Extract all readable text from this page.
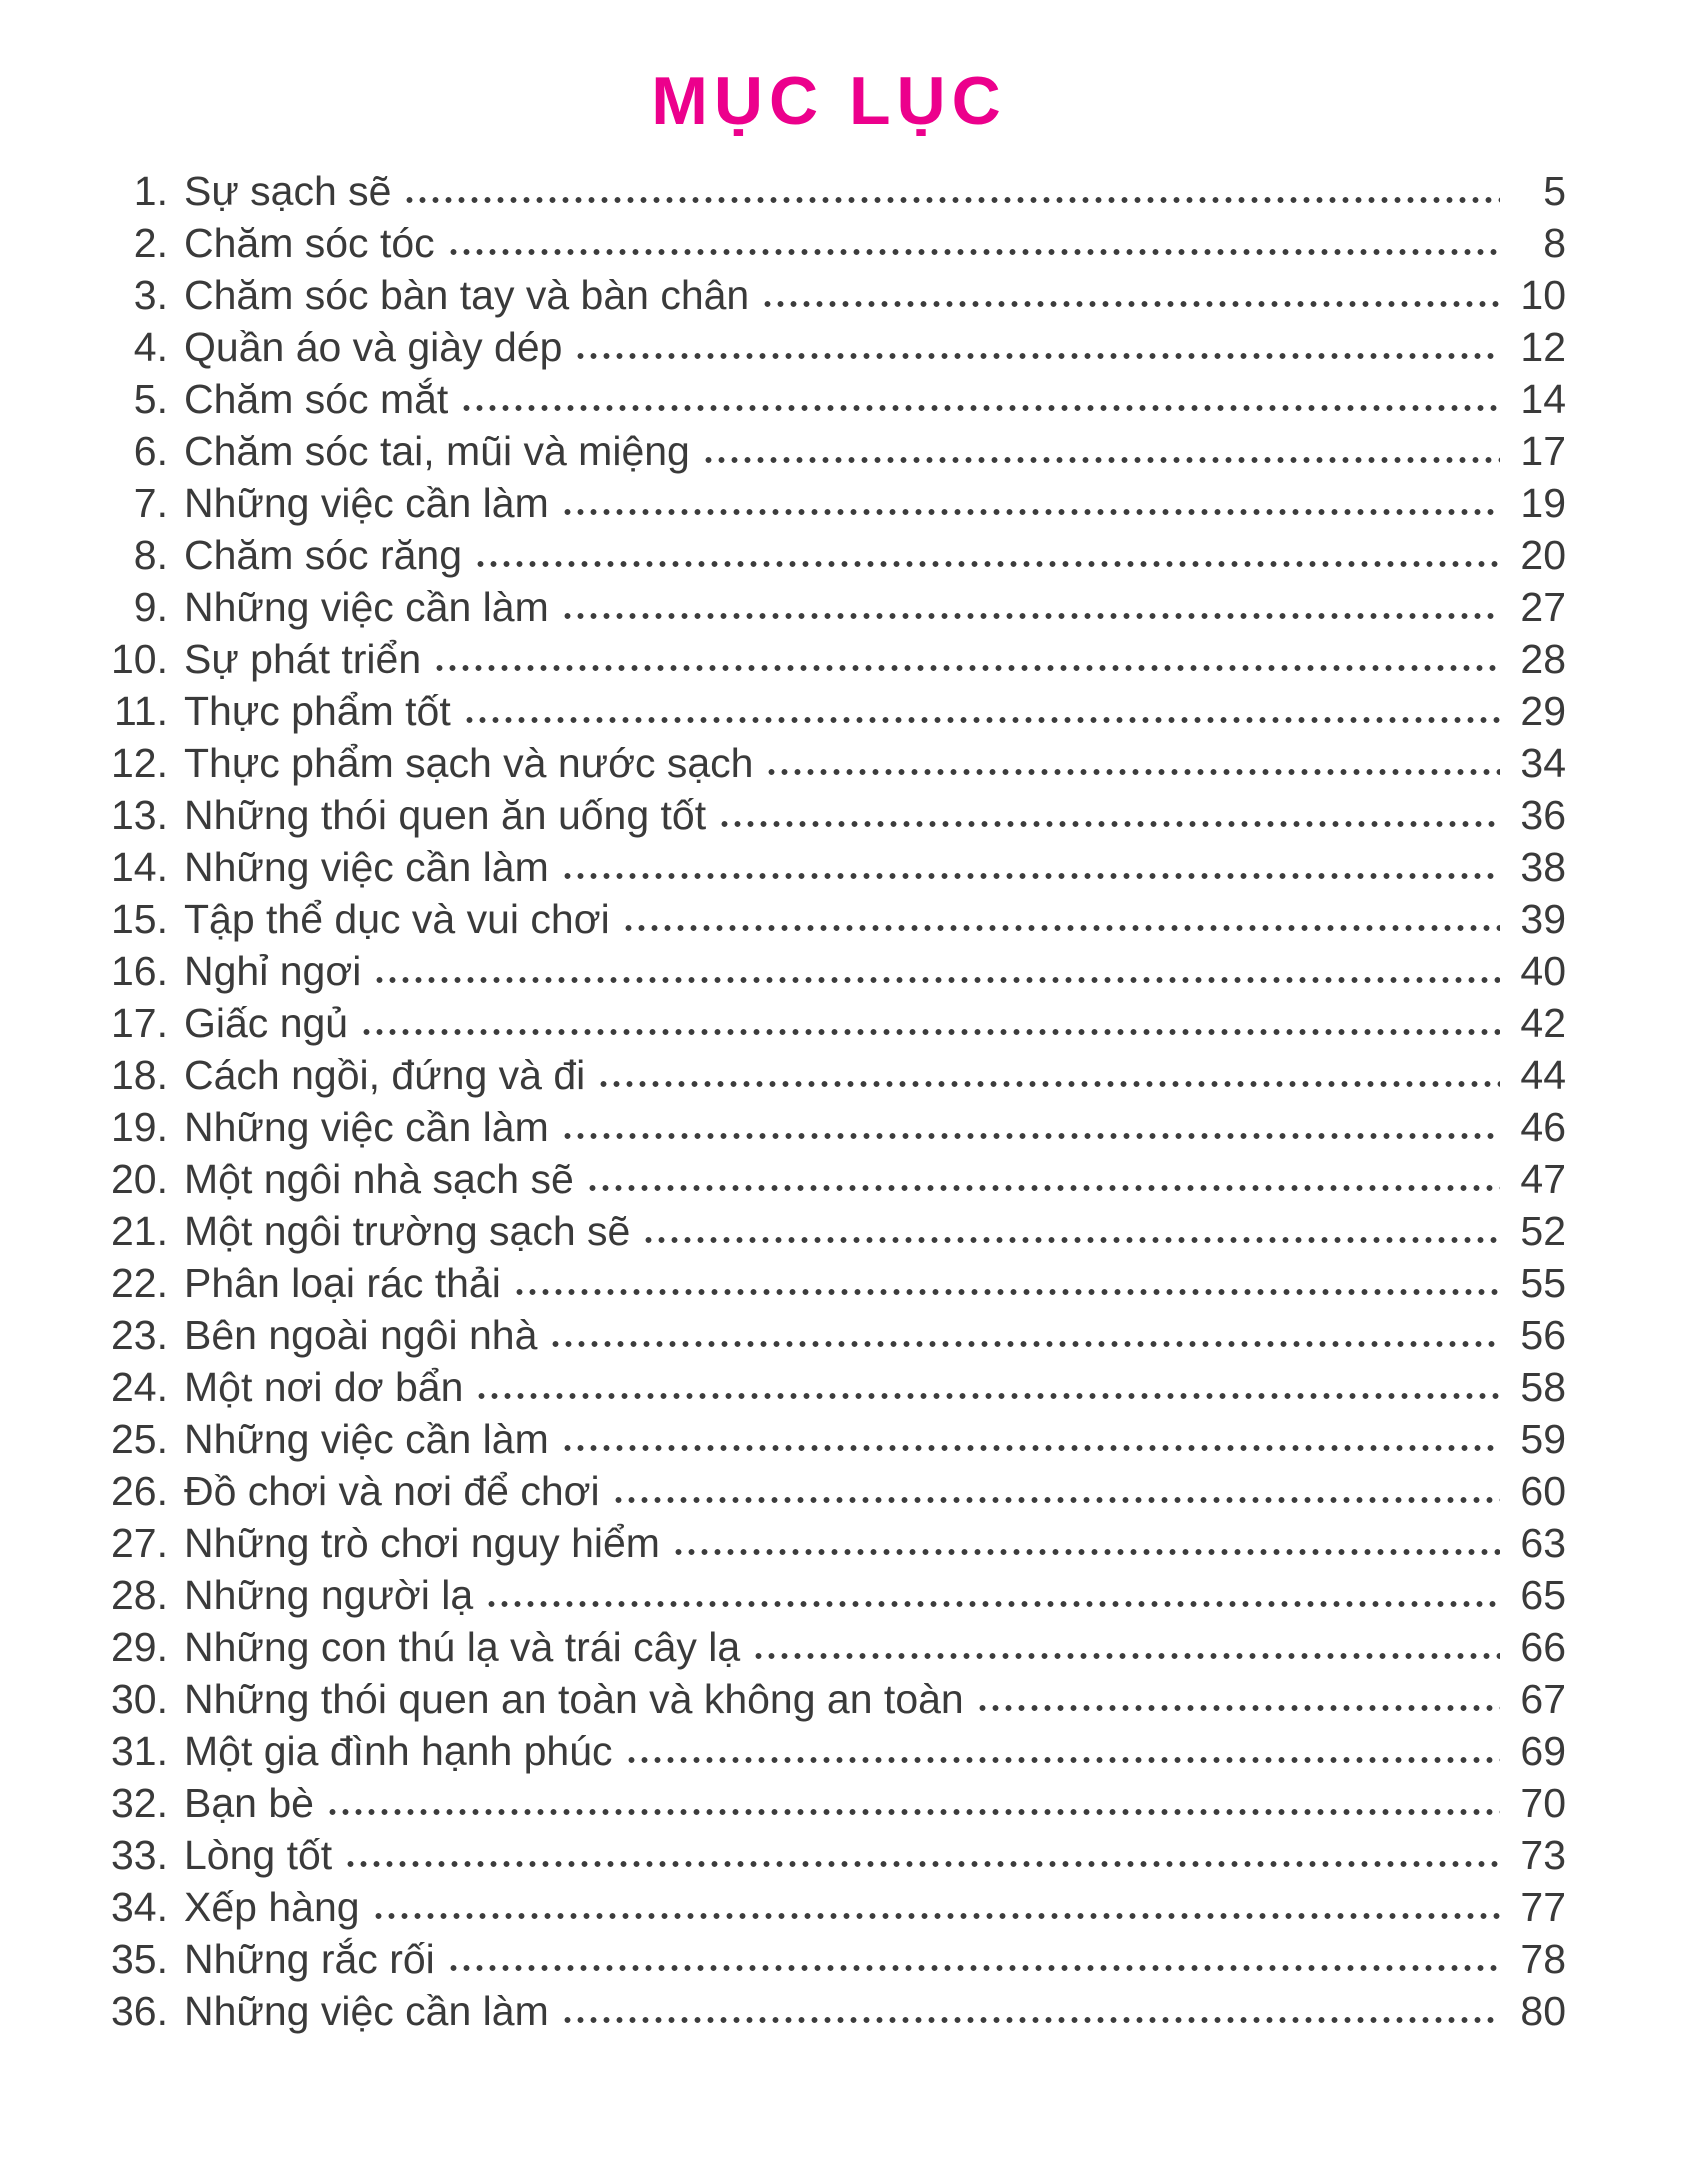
MỤC LỤC
1. Sự sạch sẽ	5
2. Chăm sóc tóc	8
3. Chăm sóc bàn tay và bàn chân	10
4. Quần áo và giày dép	12
5. Chăm sóc mắt	14
6. Chăm sóc tai, mũi và miệng	17
7. Những việc cần làm	19
8. Chăm sóc răng	20
9. Những việc cần làm	27
10. Sự phát triển	28
11. Thực phẩm tốt	29
12. Thực phẩm sạch và nước sạch	34
13. Những thói quen ăn uống tốt	36
14. Những việc cần làm	38
15. Tập thể dục và vui chơi	39
16. Nghỉ ngơi	40
17. Giấc ngủ	42
18. Cách ngồi, đứng và đi	44
19. Những việc cần làm	46
20. Một ngôi nhà sạch sẽ	47
21. Một ngôi trường sạch sẽ	52
22. Phân loại rác thải	55
23. Bên ngoài ngôi nhà	56
24. Một nơi dơ bẩn	58
25. Những việc cần làm	59
26. Đồ chơi và nơi để chơi	60
27. Những trò chơi nguy hiểm	63
28. Những người lạ	65
29. Những con thú lạ và trái cây lạ	66
30. Những thói quen an toàn và không an toàn	67
31. Một gia đình hạnh phúc	69
32. Bạn bè	70
33. Lòng tốt	73
34. Xếp hàng	77
35. Những rắc rối	78
36. Những việc cần làm	80
